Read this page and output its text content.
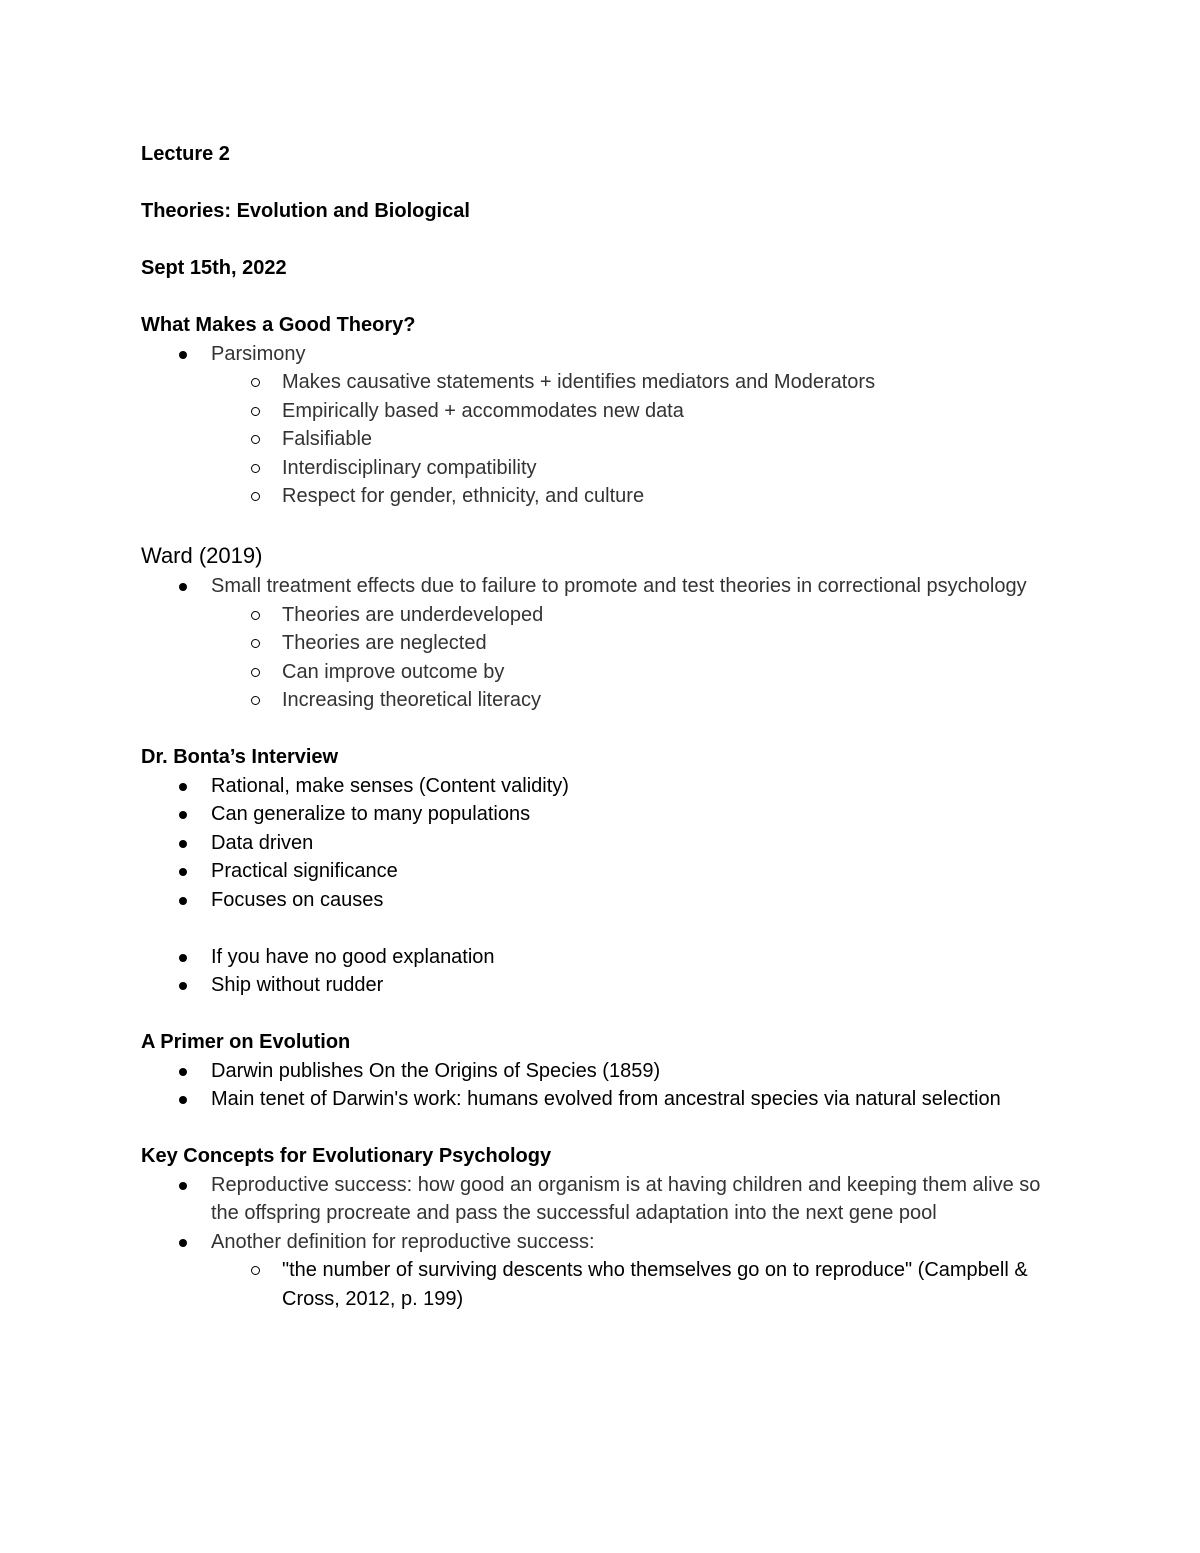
Lecture 2
Theories: Evolution and Biological
Sept 15th, 2022
What Makes a Good Theory?
Parsimony
Makes causative statements + identifies mediators and Moderators
Empirically based + accommodates new data
Falsifiable
Interdisciplinary compatibility
Respect for gender, ethnicity, and culture
Ward (2019)
Small treatment effects due to failure to promote and test theories in correctional psychology
Theories are underdeveloped
Theories are neglected
Can improve outcome by
Increasing theoretical literacy
Dr. Bonta’s Interview
Rational, make senses (Content validity)
Can generalize to many populations
Data driven
Practical significance
Focuses on causes
If you have no good explanation
Ship without rudder
A Primer on Evolution
Darwin publishes On the Origins of Species (1859)
Main tenet of Darwin's work: humans evolved from ancestral species via natural selection
Key Concepts for Evolutionary Psychology
Reproductive success: how good an organism is at having children and keeping them alive so the offspring procreate and pass the successful adaptation into the next gene pool
Another definition for reproductive success:
"the number of surviving descents who themselves go on to reproduce" (Campbell & Cross, 2012, p. 199)
